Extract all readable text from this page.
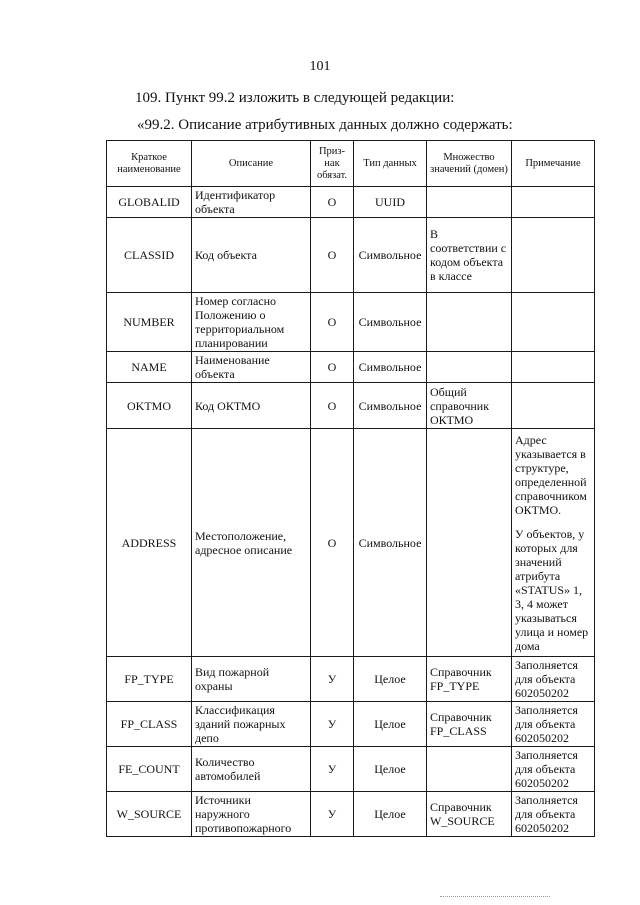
101
109. Пункт 99.2 изложить в следующей редакции:
«99.2. Описание атрибутивных данных должно содержать:
Краткое наименование	Описание	Приз-нак обязат.	Тип данных	Множество значений (домен)	Примечание
GLOBALID	Идентификатор объекта	О	UUID		
CLASSID	Код объекта	О	Символьное	В соответствии с кодом объекта в классе	
NUMBER	Номер согласно Положению о территориальном планировании	О	Символьное		
NAME	Наименование объекта	О	Символьное		
OKTMO	Код ОКТМО	О	Символьное	Общий справочник ОКТМО	
ADDRESS	Местоположение, адресное описание	О	Символьное		Адрес указывается в структуре, определенной справочником ОКТМО.
У объектов, у которых для значений атрибута «STATUS» 1, 3, 4 может указываться улица и номер дома

FP_TYPE	Вид пожарной охраны	У	Целое	Справочник FP_TYPE	Заполняется для объекта 602050202
FP_CLASS	Классификация зданий пожарных депо	У	Целое	Справочник FP_CLASS	Заполняется для объекта 602050202
FE_COUNT	Количество автомобилей	У	Целое		Заполняется для объекта 602050202
W_SOURCE	Источники наружного противопожарного	У	Целое	Справочник W_SOURCE	Заполняется для объекта 602050202
